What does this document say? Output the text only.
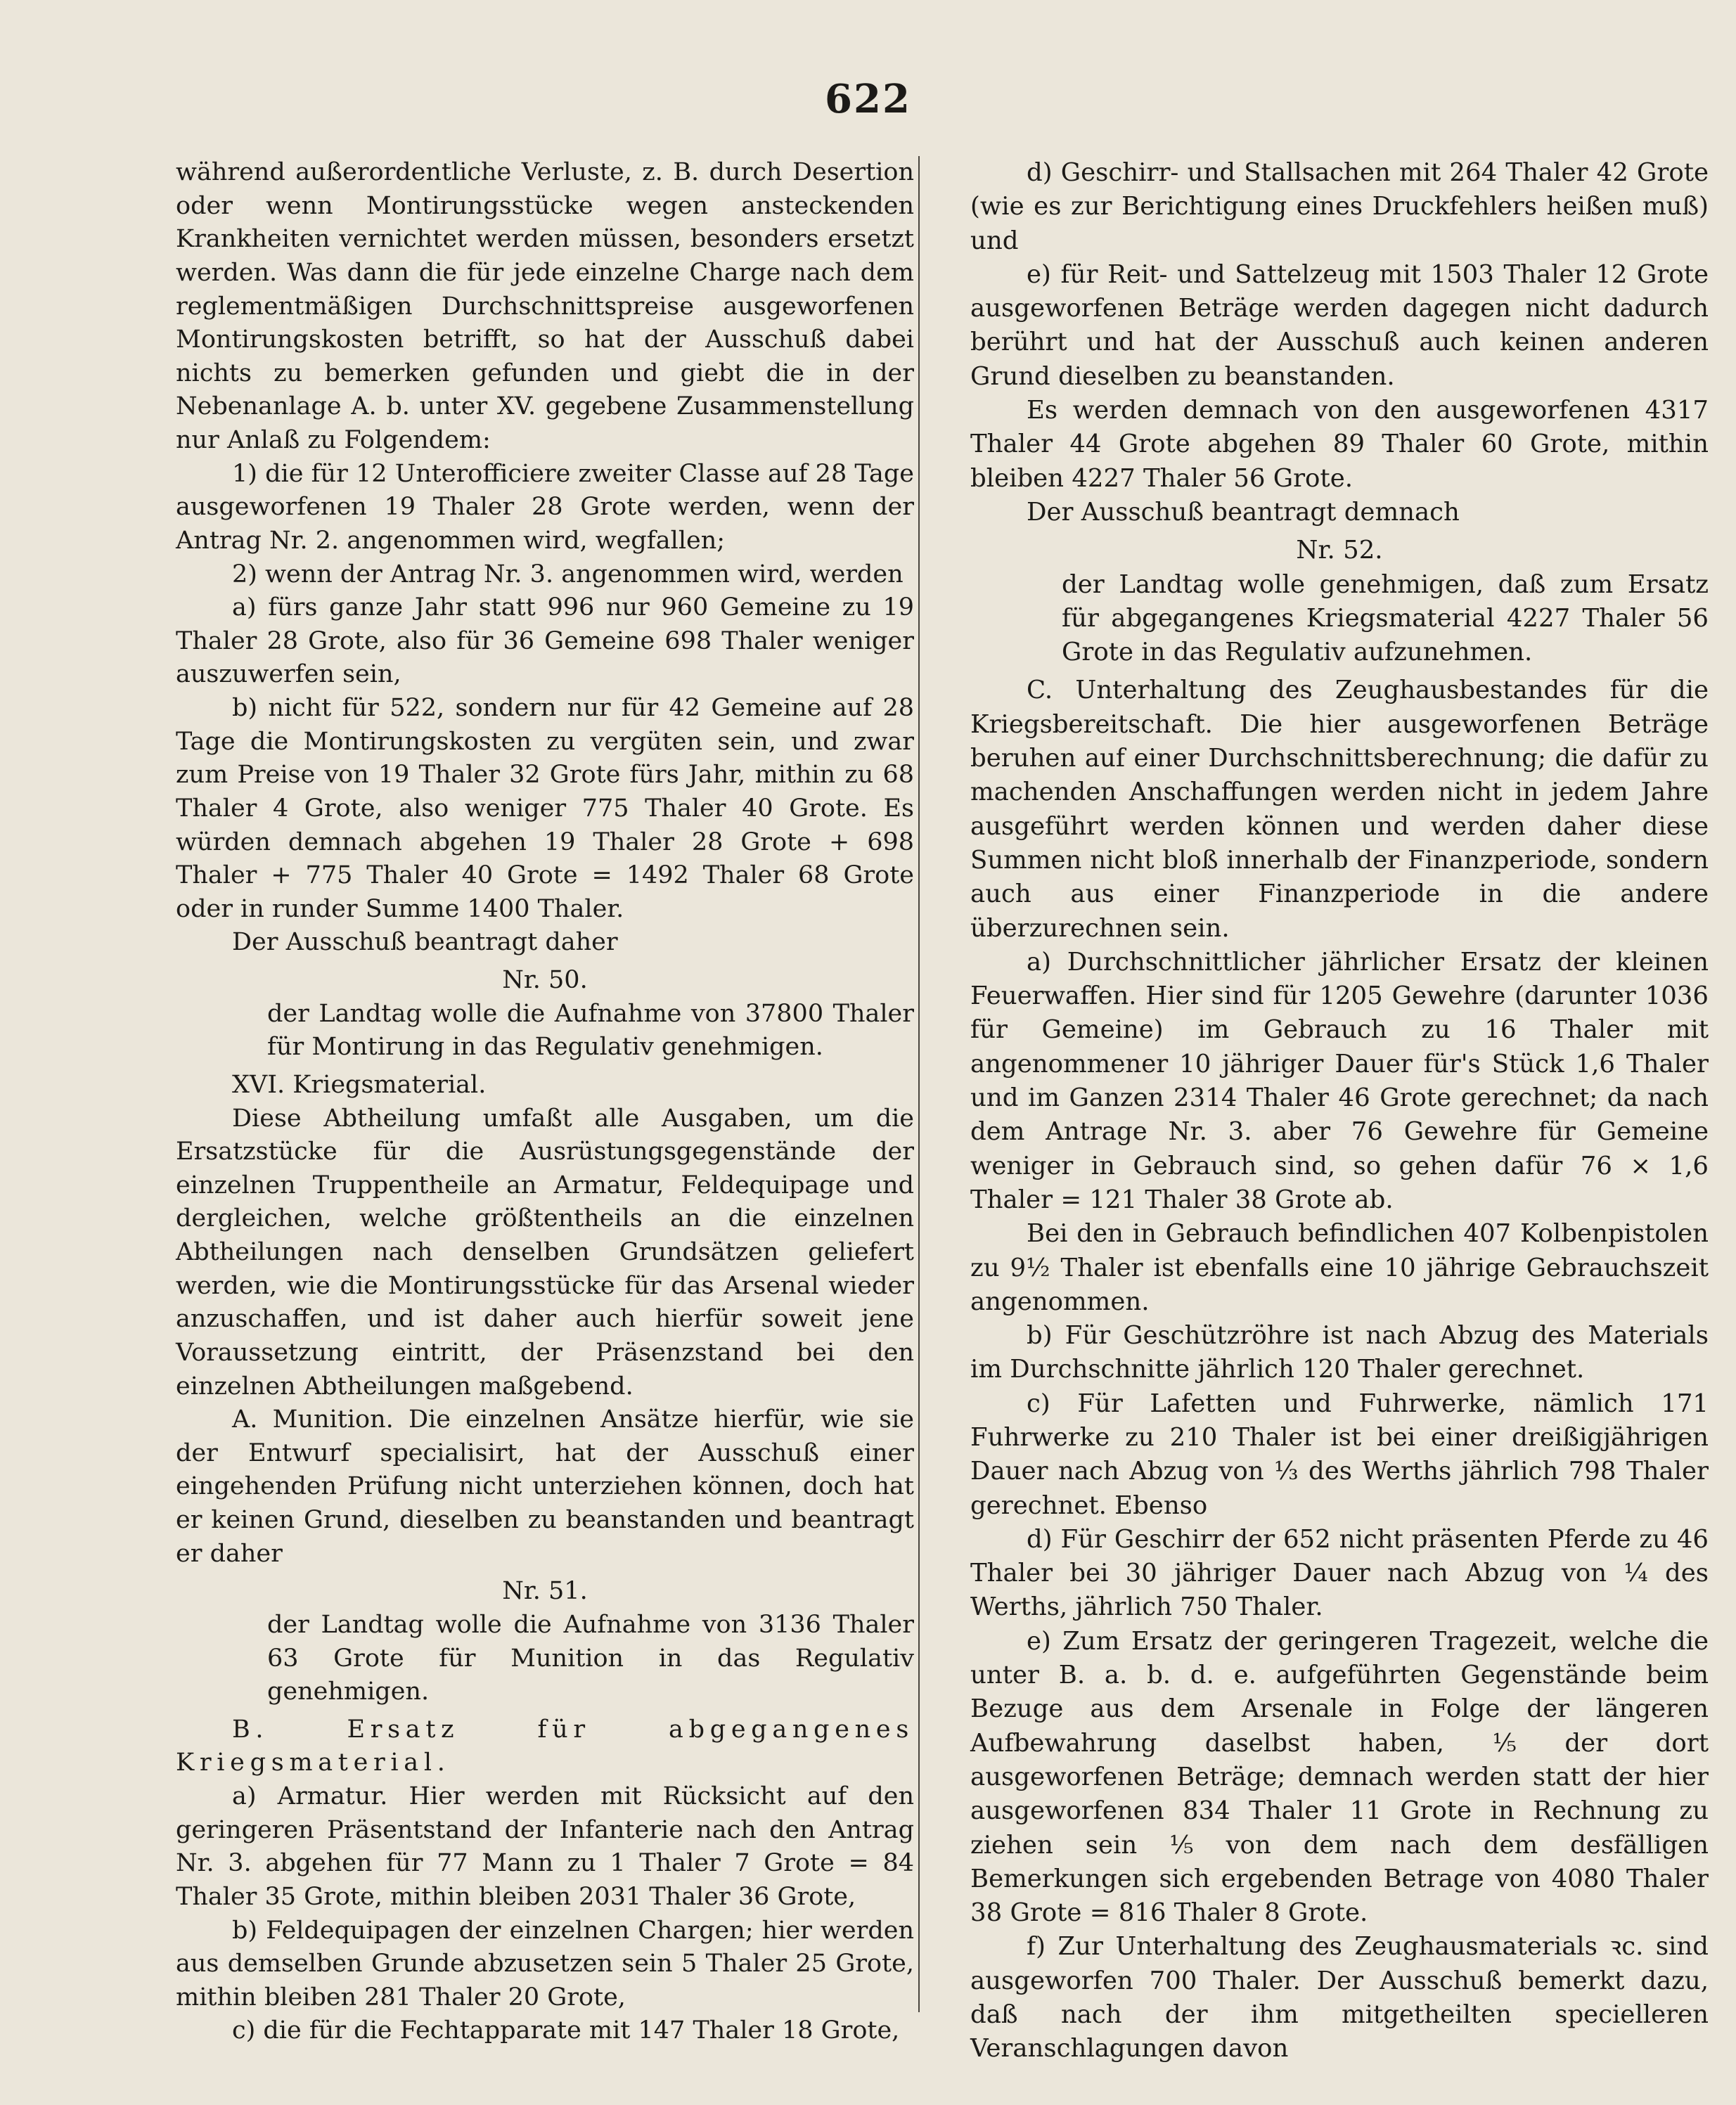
622

während außerordentliche Verluste, z. B. durch Desertion oder wenn Montirungsstücke wegen ansteckenden Krankheiten vernichtet werden müssen, besonders ersetzt werden. Was dann die für jede einzelne Charge nach dem reglementmäßigen Durchschnittspreise ausgeworfenen Montirungskosten betrifft, so hat der Ausschuß dabei nichts zu bemerken gefunden und giebt die in der Nebenanlage A. b. unter XV. gegebene Zusammenstellung nur Anlaß zu Folgendem:

1) die für 12 Unterofficiere zweiter Classe auf 28 Tage ausgeworfenen 19 Thaler 28 Grote werden, wenn der Antrag Nr. 2. angenommen wird, wegfallen;

2) wenn der Antrag Nr. 3. angenommen wird, werden

a) fürs ganze Jahr statt 996 nur 960 Gemeine zu 19 Thaler 28 Grote, also für 36 Gemeine 698 Thaler weniger auszuwerfen sein,

b) nicht für 522, sondern nur für 42 Gemeine auf 28 Tage die Montirungskosten zu vergüten sein, und zwar zum Preise von 19 Thaler 32 Grote fürs Jahr, mithin zu 68 Thaler 4 Grote, also weniger 775 Thaler 40 Grote. Es würden demnach abgehen 19 Thaler 28 Grote + 698 Thaler + 775 Thaler 40 Grote = 1492 Thaler 68 Grote oder in runder Summe 1400 Thaler.

Der Ausschuß beantragt daher

Nr. 50.

der Landtag wolle die Aufnahme von 37800 Thaler für Montirung in das Regulativ genehmigen.

XVI. Kriegsmaterial.

Diese Abtheilung umfaßt alle Ausgaben, um die Ersatzstücke für die Ausrüstungsgegenstände der einzelnen Truppentheile an Armatur, Feldequipage und dergleichen, welche größtentheils an die einzelnen Abtheilungen nach denselben Grundsätzen geliefert werden, wie die Montirungsstücke für das Arsenal wieder anzuschaffen, und ist daher auch hierfür soweit jene Voraussetzung eintritt, der Präsenzstand bei den einzelnen Abtheilungen maßgebend.

A. Munition. Die einzelnen Ansätze hierfür, wie sie der Entwurf specialisirt, hat der Ausschuß einer eingehenden Prüfung nicht unterziehen können, doch hat er keinen Grund, dieselben zu beanstanden und beantragt er daher

Nr. 51.

der Landtag wolle die Aufnahme von 3136 Thaler 63 Grote für Munition in das Regulativ genehmigen.

B. Ersatz für abgegangenes Kriegsmaterial.

a) Armatur. Hier werden mit Rücksicht auf den geringeren Präsentstand der Infanterie nach den Antrag Nr. 3. abgehen für 77 Mann zu 1 Thaler 7 Grote = 84 Thaler 35 Grote, mithin bleiben 2031 Thaler 36 Grote,

b) Feldequipagen der einzelnen Chargen; hier werden aus demselben Grunde abzusetzen sein 5 Thaler 25 Grote, mithin bleiben 281 Thaler 20 Grote,

c) die für die Fechtapparate mit 147 Thaler 18 Grote,

d) Geschirr- und Stallsachen mit 264 Thaler 42 Grote (wie es zur Berichtigung eines Druckfehlers heißen muß) und

e) für Reit- und Sattelzeug mit 1503 Thaler 12 Grote ausgeworfenen Beträge werden dagegen nicht dadurch berührt und hat der Ausschuß auch keinen anderen Grund dieselben zu beanstanden.

Es werden demnach von den ausgeworfenen 4317 Thaler 44 Grote abgehen 89 Thaler 60 Grote, mithin bleiben 4227 Thaler 56 Grote.

Der Ausschuß beantragt demnach

Nr. 52.

der Landtag wolle genehmigen, daß zum Ersatz für abgegangenes Kriegsmaterial 4227 Thaler 56 Grote in das Regulativ aufzunehmen.

C. Unterhaltung des Zeughausbestandes für die Kriegsbereitschaft. Die hier ausgeworfenen Beträge beruhen auf einer Durchschnittsberechnung; die dafür zu machenden Anschaffungen werden nicht in jedem Jahre ausgeführt werden können und werden daher diese Summen nicht bloß innerhalb der Finanzperiode, sondern auch aus einer Finanzperiode in die andere überzurechnen sein.

a) Durchschnittlicher jährlicher Ersatz der kleinen Feuerwaffen. Hier sind für 1205 Gewehre (darunter 1036 für Gemeine) im Gebrauch zu 16 Thaler mit angenommener 10 jähriger Dauer für's Stück 1,6 Thaler und im Ganzen 2314 Thaler 46 Grote gerechnet; da nach dem Antrage Nr. 3. aber 76 Gewehre für Gemeine weniger in Gebrauch sind, so gehen dafür 76 × 1,6 Thaler = 121 Thaler 38 Grote ab.

Bei den in Gebrauch befindlichen 407 Kolbenpistolen zu 9½ Thaler ist ebenfalls eine 10 jährige Gebrauchszeit angenommen.

b) Für Geschützröhre ist nach Abzug des Materials im Durchschnitte jährlich 120 Thaler gerechnet.

c) Für Lafetten und Fuhrwerke, nämlich 171 Fuhrwerke zu 210 Thaler ist bei einer dreißigjährigen Dauer nach Abzug von ⅓ des Werths jährlich 798 Thaler gerechnet. Ebenso

d) Für Geschirr der 652 nicht präsenten Pferde zu 46 Thaler bei 30 jähriger Dauer nach Abzug von ¼ des Werths, jährlich 750 Thaler.

e) Zum Ersatz der geringeren Tragezeit, welche die unter B. a. b. d. e. aufgeführten Gegenstände beim Bezuge aus dem Arsenale in Folge der längeren Aufbewahrung daselbst haben, ⅕ der dort ausgeworfenen Beträge; demnach werden statt der hier ausgeworfenen 834 Thaler 11 Grote in Rechnung zu ziehen sein ⅕ von dem nach dem desfälligen Bemerkungen sich ergebenden Betrage von 4080 Thaler 38 Grote = 816 Thaler 8 Grote.

f) Zur Unterhaltung des Zeughausmaterials ꝛc. sind ausgeworfen 700 Thaler. Der Ausschuß bemerkt dazu, daß nach der ihm mitgetheilten specielleren Veranschlagungen davon
